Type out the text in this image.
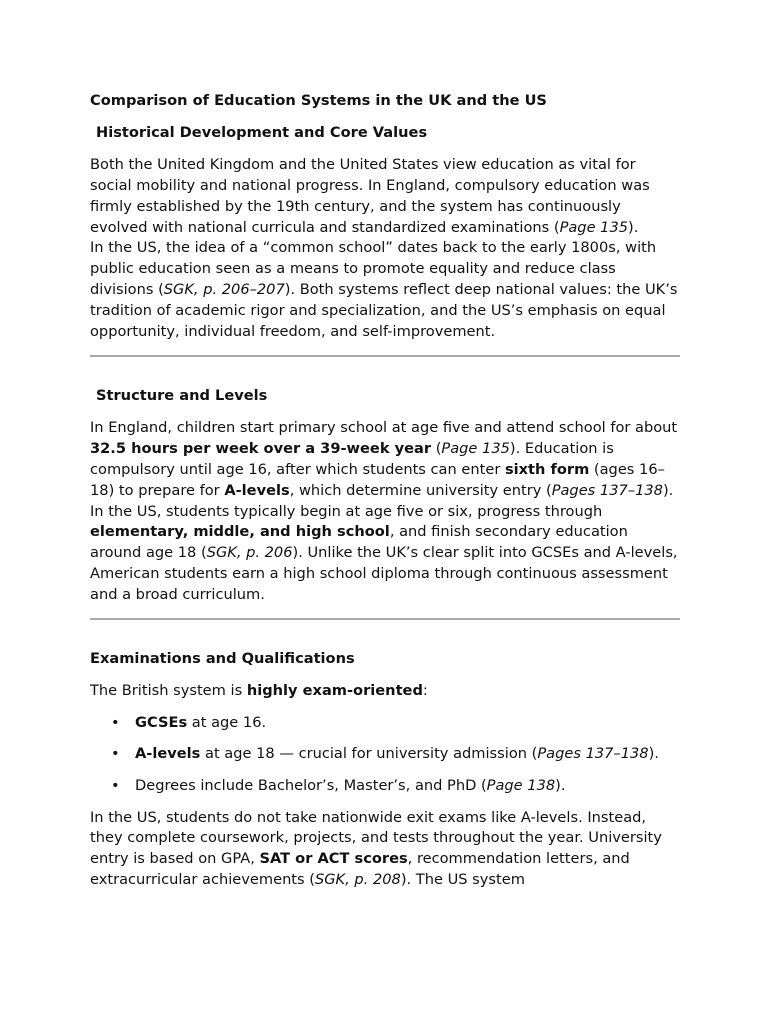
Comparison of Education Systems in the UK and the US
Historical Development and Core Values

Both the United Kingdom and the United States view education as vital for social mobility and national progress. In England, compulsory education was firmly established by the 19th century, and the system has continuously evolved with national curricula and standardized examinations (Page 135).

In the US, the idea of a “common school” dates back to the early 1800s, with public education seen as a means to promote equality and reduce class divisions (SGK, p. 206–207). Both systems reflect deep national values: the UK’s tradition of academic rigor and specialization, and the US’s emphasis on equal opportunity, individual freedom, and self-improvement.

Structure and Levels

In England, children start primary school at age five and attend school for about 32.5 hours per week over a 39-week year (Page 135). Education is compulsory until age 16, after which students can enter sixth form (ages 16–18) to prepare for A-levels, which determine university entry (Pages 137–138).

In the US, students typically begin at age five or six, progress through elementary, middle, and high school, and finish secondary education around age 18 (SGK, p. 206). Unlike the UK’s clear split into GCSEs and A-levels, American students earn a high school diploma through continuous assessment and a broad curriculum.

Examinations and Qualifications

The British system is highly exam-oriented:

• GCSEs at age 16.
• A-levels at age 18 — crucial for university admission (Pages 137–138).
• Degrees include Bachelor’s, Master’s, and PhD (Page 138).

In the US, students do not take nationwide exit exams like A-levels. Instead, they complete coursework, projects, and tests throughout the year. University entry is based on GPA, SAT or ACT scores, recommendation letters, and extracurricular achievements (SGK, p. 208). The US system
